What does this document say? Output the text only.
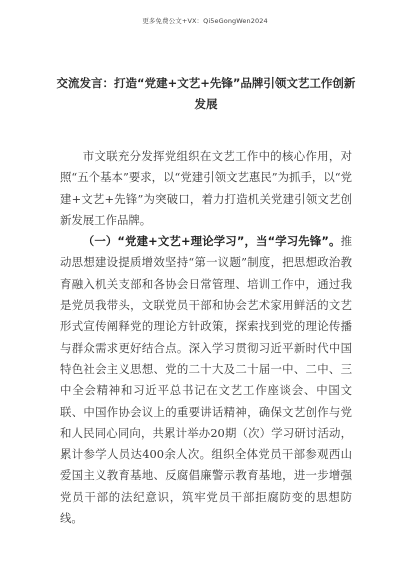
更多免费公文+VX：Qi5eGongWen2024
交流发言：打造“党建+文艺+先锋”品牌引领文艺工作创新发展

市文联充分发挥党组织在文艺工作中的核心作用，对照“五个基本”要求，以“党建引领文艺惠民”为抓手，以“党建+文艺+先锋”为突破口，着力打造机关党建引领文艺创新发展工作品牌。

（一）“党建+文艺+理论学习”，当“学习先锋”。推动思想建设提质增效坚持“第一议题”制度，把思想政治教育融入机关支部和各协会日常管理、培训工作中，通过我是党员我带头，文联党员干部和协会艺术家用鲜活的文艺形式宣传阐释党的理论方针政策，探索找到党的理论传播与群众需求更好结合点。深入学习贯彻习近平新时代中国特色社会主义思想、党的二十大及二十届一中、二中、三中全会精神和习近平总书记在文艺工作座谈会、中国文联、中国作协会议上的重要讲话精神，确保文艺创作与党和人民同心同向，共累计举办20期（次）学习研讨活动，累计参学人员达400余人次。组织全体党员干部参观西山爱国主义教育基地、反腐倡廉警示教育基地，进一步增强党员干部的法纪意识，筑牢党员干部拒腐防变的思想防线。
